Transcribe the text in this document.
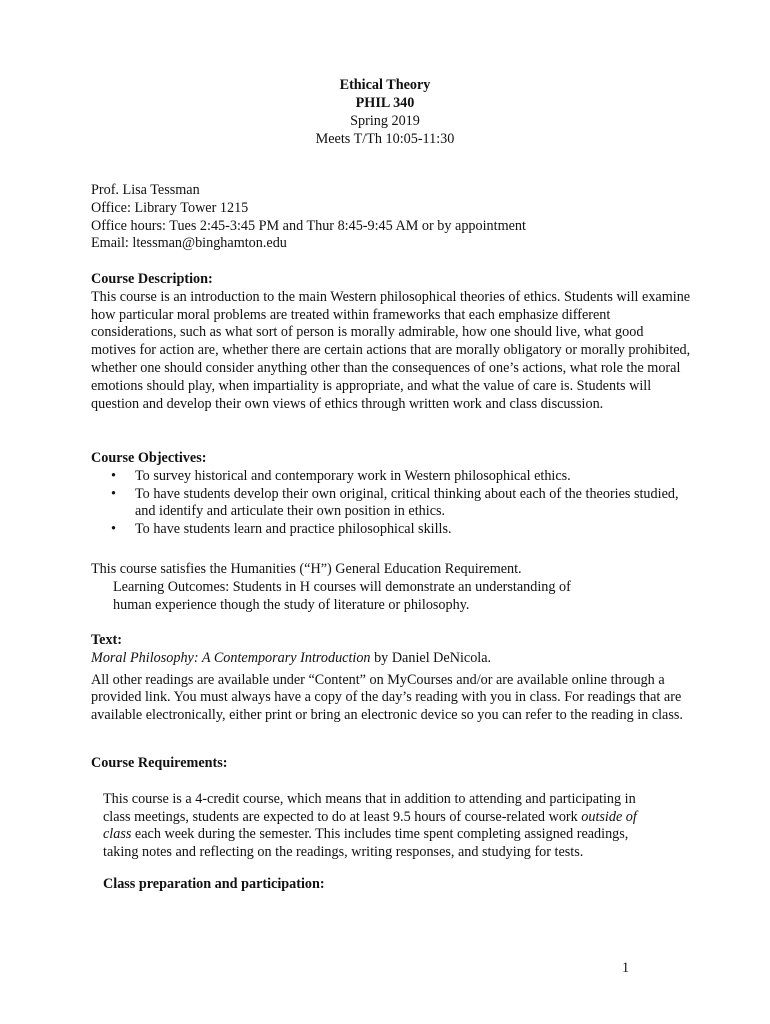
Ethical Theory
PHIL 340
Spring 2019
Meets T/Th 10:05-11:30
Prof. Lisa Tessman
Office: Library Tower 1215
Office hours: Tues 2:45-3:45 PM and Thur 8:45-9:45 AM or by appointment
Email: ltessman@binghamton.edu
Course Description:
This course is an introduction to the main Western philosophical theories of ethics. Students will examine how particular moral problems are treated within frameworks that each emphasize different considerations, such as what sort of person is morally admirable, how one should live, what good motives for action are, whether there are certain actions that are morally obligatory or morally prohibited, whether one should consider anything other than the consequences of one’s actions, what role the moral emotions should play, when impartiality is appropriate, and what the value of care is. Students will question and develop their own views of ethics through written work and class discussion.
Course Objectives:
• To survey historical and contemporary work in Western philosophical ethics.
• To have students develop their own original, critical thinking about each of the theories studied, and identify and articulate their own position in ethics.
• To have students learn and practice philosophical skills.
This course satisfies the Humanities (“H”) General Education Requirement.
Learning Outcomes: Students in H courses will demonstrate an understanding of human experience though the study of literature or philosophy.
Text:
Moral Philosophy: A Contemporary Introduction by Daniel DeNicola.
All other readings are available under “Content” on MyCourses and/or are available online through a provided link. You must always have a copy of the day’s reading with you in class. For readings that are available electronically, either print or bring an electronic device so you can refer to the reading in class.
Course Requirements:
This course is a 4-credit course, which means that in addition to attending and participating in class meetings, students are expected to do at least 9.5 hours of course-related work outside of class each week during the semester. This includes time spent completing assigned readings, taking notes and reflecting on the readings, writing responses, and studying for tests.
Class preparation and participation:
1
